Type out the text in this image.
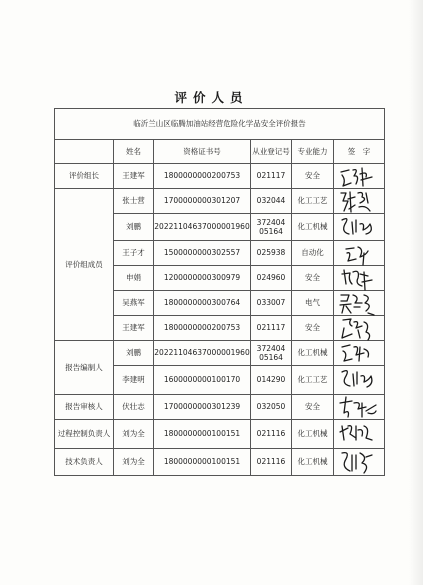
评价人员
临沂兰山区临腾加油站经营危险化学品安全评价报告					
	姓名	资格证书号	从业登记号	专业能力	签　字
评价组长	王建军	1800000000200753	021117	安全	

评价组成员	张士营	1700000000301207	032044	化工工艺	

	刘鹏	20221104637000001960	372404
05164	化工机械	

	王子才	1500000000302557	025938	自动化	

	申娟	1200000000300979	024960	安全	

	吴燕军	1800000000300764	033007	电气	

	王建军	1800000000200753	021117	安全	

报告编制人	刘鹏	20221104637000001960	372404
05164	化工机械	

	李建明	1600000000100170	014290	化工工艺	

报告审核人	伏壮志	1700000000301239	032050	安全	

过程控制负责人	刘为全	1800000000100151	021116	化工机械	

技术负责人	刘为全	1800000000100151	021116	化工机械	
